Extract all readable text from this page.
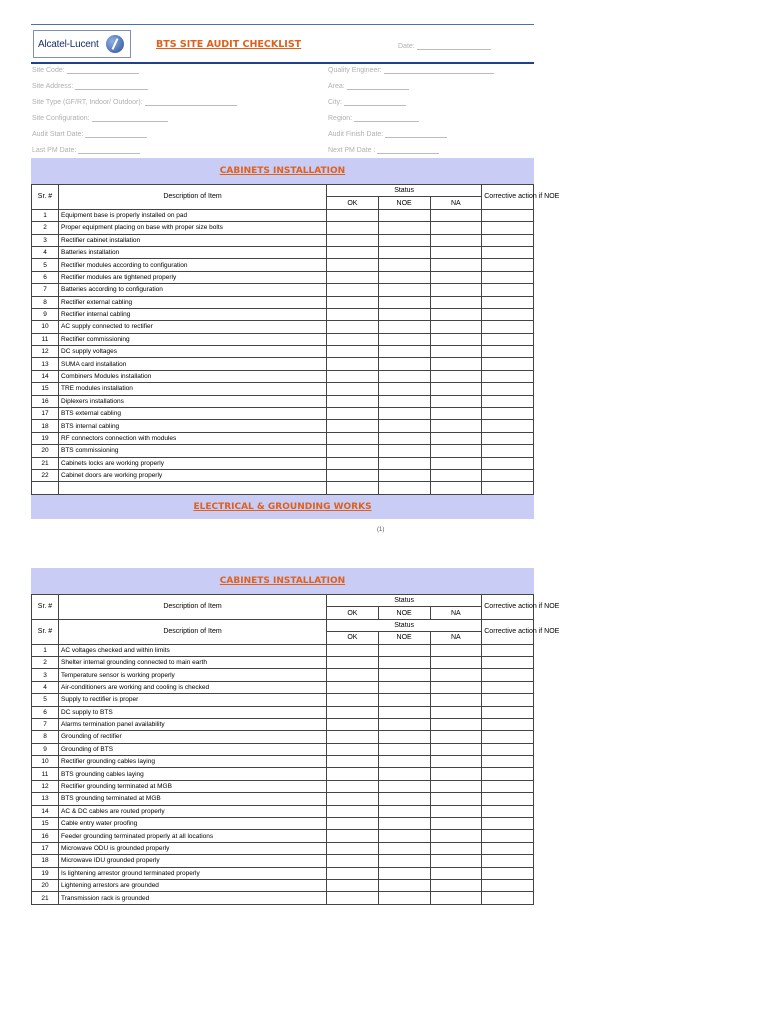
Alcatel-Lucent	BTS SITE AUDIT CHECKLIST	Date:
Site Code:	Quality Engineer:
Site Address:	Area:
Site Type (GF/RT, Indoor/ Outdoor):	City:
Site Configuration:	Region:
Audit Start Date:	Audit Finish Date:
Last PM Date:	Next PM Date :
CABINETS INSTALLATION
Sr. #	Description of Item	Status			Corrective action if NOE
		OK	NOE	NA	
1	Equipment base is properly installed on pad				
2	Proper equipment placing on base with proper size bolts				
3	Rectifier cabinet installation				
4	Batteries installation				
5	Rectifier modules according to configuration				
6	Rectifier modules are tightened properly				
7	Batteries according to configuration				
8	Rectifier external cabling				
9	Rectifier internal cabling				
10	AC supply connected to rectifier				
11	Rectifier commissioning				
12	DC supply voltages				
13	SUMA card installation				
14	Combiners Modules installation				
15	TRE modules installation				
16	Diplexers installations				
17	BTS external cabling				
18	BTS internal cabling				
19	RF connectors connection with modules				
20	BTS commissioning				
21	Cabinets locks are working properly				
22	Cabinet doors are working properly				

ELECTRICAL & GROUNDING WORKS
(1)
CABINETS INSTALLATION
Sr. #	Description of Item	Status			Corrective action if NOE
		OK	NOE	NA	
Sr. #	Description of Item	Status			Corrective action if NOE
		OK	NOE	NA	
1	AC voltages checked and within limits				
2	Shelter internal grounding connected to main earth				
3	Temperature sensor is working properly				
4	Air-conditioners are working and cooling is checked				
5	Supply to rectifier is proper				
6	DC supply to BTS				
7	Alarms termination panel availability				
8	Grounding of rectifier				
9	Grounding of BTS				
10	Rectifier grounding cables laying				
11	BTS grounding cables laying				
12	Rectifier grounding terminated at MGB				
13	BTS grounding terminated at MGB				
14	AC & DC cables are routed properly				
15	Cable entry water proofing				
16	Feeder grounding terminated properly at all locations				
17	Microwave ODU is grounded properly				
18	Microwave IDU grounded properly				
19	Is lightening arrestor ground terminated properly				
20	Lightening arrestors are grounded				
21	Transmission rack is grounded				
